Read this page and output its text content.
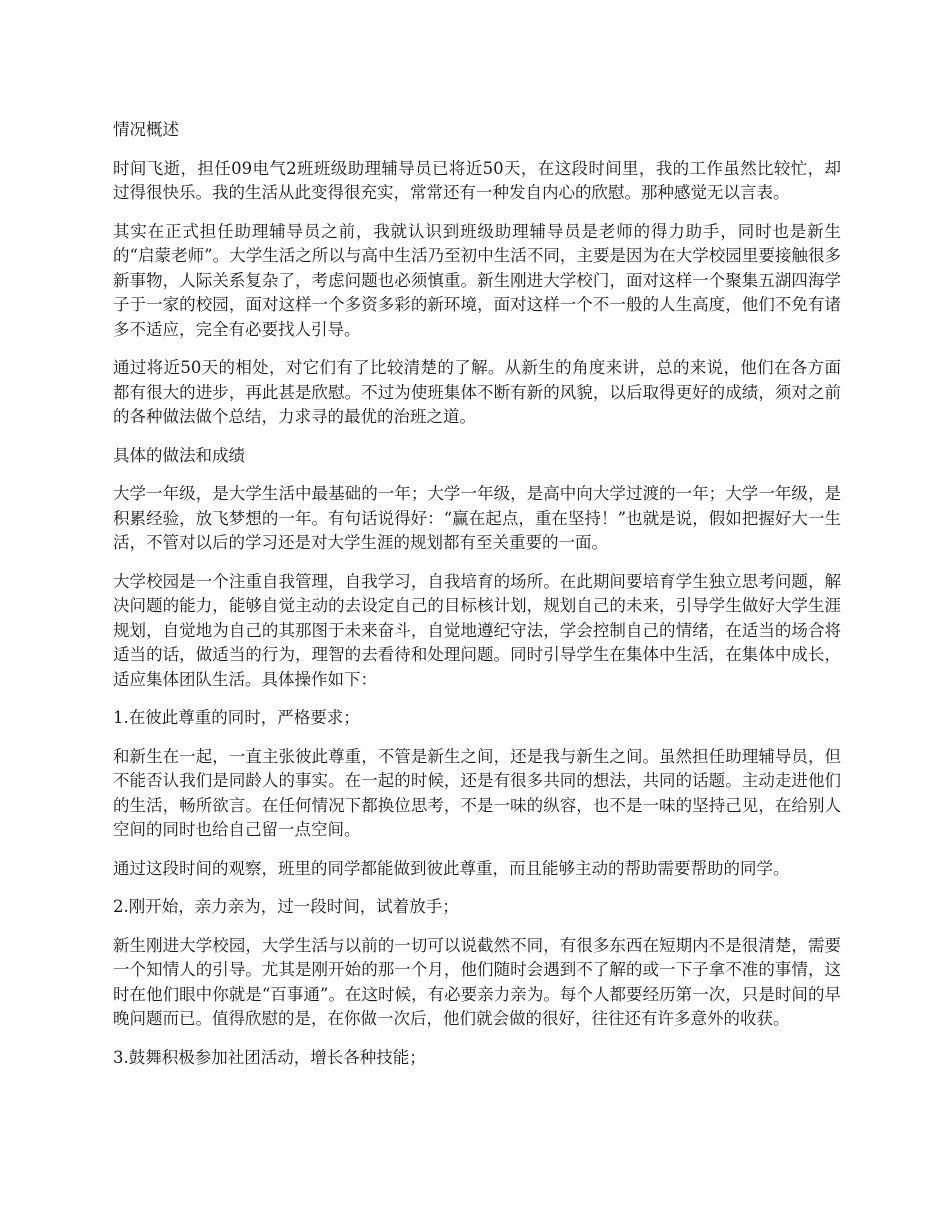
情况概述

时间飞逝，担任09电气2班班级助理辅导员已将近50天，在这段时间里，我的工作虽然比较忙，却过得很快乐。我的生活从此变得很充实，常常还有一种发自内心的欣慰。那种感觉无以言表。

其实在正式担任助理辅导员之前，我就认识到班级助理辅导员是老师的得力助手，同时也是新生的“启蒙老师”。大学生活之所以与高中生活乃至初中生活不同，主要是因为在大学校园里要接触很多新事物，人际关系复杂了，考虑问题也必须慎重。新生刚进大学校门，面对这样一个聚集五湖四海学子于一家的校园，面对这样一个多资多彩的新环境，面对这样一个不一般的人生高度，他们不免有诸多不适应，完全有必要找人引导。

通过将近50天的相处，对它们有了比较清楚的了解。从新生的角度来讲，总的来说，他们在各方面都有很大的进步，再此甚是欣慰。不过为使班集体不断有新的风貌，以后取得更好的成绩，须对之前的各种做法做个总结，力求寻的最优的治班之道。

具体的做法和成绩

大学一年级，是大学生活中最基础的一年；大学一年级，是高中向大学过渡的一年；大学一年级，是积累经验，放飞梦想的一年。有句话说得好：“赢在起点，重在坚持！”也就是说，假如把握好大一生活，不管对以后的学习还是对大学生涯的规划都有至关重要的一面。

大学校园是一个注重自我管理，自我学习，自我培育的场所。在此期间要培育学生独立思考问题，解决问题的能力，能够自觉主动的去设定自己的目标核计划，规划自己的未来，引导学生做好大学生涯规划，自觉地为自己的其那图于未来奋斗，自觉地遵纪守法，学会控制自己的情绪，在适当的场合将适当的话，做适当的行为，理智的去看待和处理问题。同时引导学生在集体中生活，在集体中成长，适应集体团队生活。具体操作如下：

1.在彼此尊重的同时，严格要求；

和新生在一起，一直主张彼此尊重，不管是新生之间，还是我与新生之间。虽然担任助理辅导员，但不能否认我们是同龄人的事实。在一起的时候，还是有很多共同的想法，共同的话题。主动走进他们的生活，畅所欲言。在任何情况下都换位思考，不是一味的纵容，也不是一味的坚持己见，在给别人空间的同时也给自己留一点空间。

通过这段时间的观察，班里的同学都能做到彼此尊重，而且能够主动的帮助需要帮助的同学。

2.刚开始，亲力亲为，过一段时间，试着放手；

新生刚进大学校园，大学生活与以前的一切可以说截然不同，有很多东西在短期内不是很清楚，需要一个知情人的引导。尤其是刚开始的那一个月，他们随时会遇到不了解的或一下子拿不准的事情，这时在他们眼中你就是“百事通”。在这时候，有必要亲力亲为。每个人都要经历第一次，只是时间的早晚问题而已。值得欣慰的是，在你做一次后，他们就会做的很好，往往还有许多意外的收获。

3.鼓舞积极参加社团活动，增长各种技能；
